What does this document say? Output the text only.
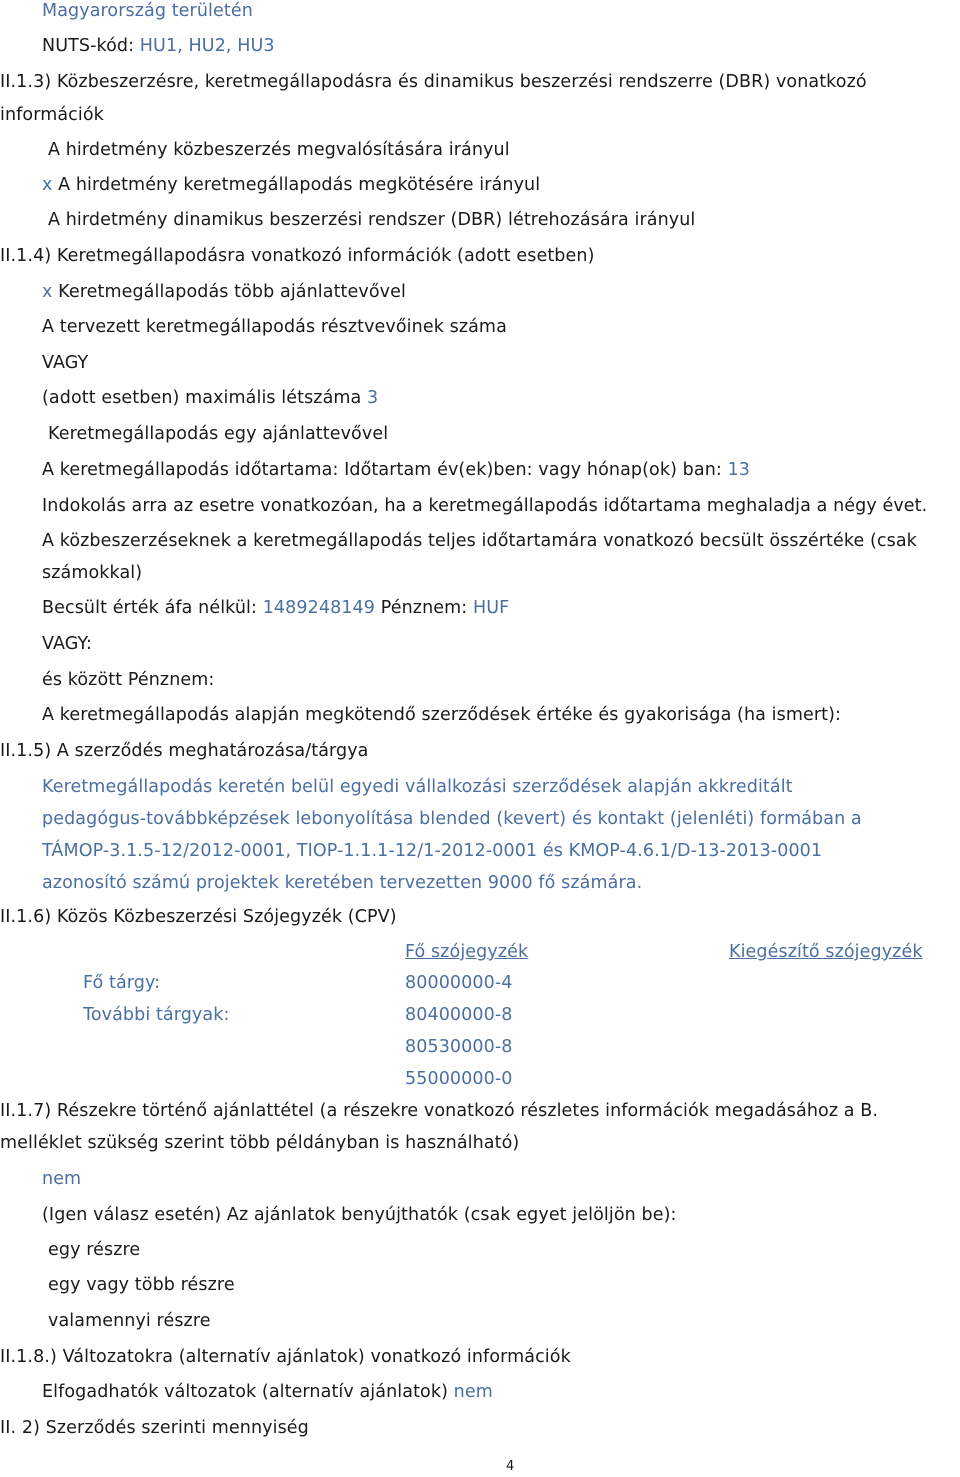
Magyarország területén
NUTS-kód: HU1, HU2, HU3
II.1.3) Közbeszerzésre, keretmegállapodásra és dinamikus beszerzési rendszerre (DBR) vonatkozó
információk
A hirdetmény közbeszerzés megvalósítására irányul
x A hirdetmény keretmegállapodás megkötésére irányul
A hirdetmény dinamikus beszerzési rendszer (DBR) létrehozására irányul
II.1.4) Keretmegállapodásra vonatkozó információk (adott esetben)
x Keretmegállapodás több ajánlattevővel
A tervezett keretmegállapodás résztvevőinek száma
VAGY
(adott esetben) maximális létszáma 3
Keretmegállapodás egy ajánlattevővel
A keretmegállapodás időtartama: Időtartam év(ek)ben: vagy hónap(ok) ban: 13
Indokolás arra az esetre vonatkozóan, ha a keretmegállapodás időtartama meghaladja a négy évet.
A közbeszerzéseknek a keretmegállapodás teljes időtartamára vonatkozó becsült összértéke (csak
számokkal)
Becsült érték áfa nélkül: 1489248149 Pénznem: HUF
VAGY:
és között Pénznem:
A keretmegállapodás alapján megkötendő szerződések értéke és gyakorisága (ha ismert):
II.1.5) A szerződés meghatározása/tárgya
Keretmegállapodás keretén belül egyedi vállalkozási szerződések alapján akkreditált
pedagógus-továbbképzések lebonyolítása blended (kevert) és kontakt (jelenléti) formában a
TÁMOP-3.1.5-12/2012-0001, TIOP-1.1.1-12/1-2012-0001 és KMOP-4.6.1/D-13-2013-0001
azonosító számú projektek keretében tervezetten 9000 fő számára.
II.1.6) Közös Közbeszerzési Szójegyzék (CPV)
Fő szójegyzék	Kiegészítő szójegyzék
Fő tárgy:	80000000-4
További tárgyak:	80400000-8
80530000-8
55000000-0
II.1.7) Részekre történő ajánlattétel (a részekre vonatkozó részletes információk megadásához a B.
melléklet szükség szerint több példányban is használható)
nem
(Igen válasz esetén) Az ajánlatok benyújthatók (csak egyet jelöljön be):
egy részre
egy vagy több részre
valamennyi részre
II.1.8.) Változatokra (alternatív ajánlatok) vonatkozó információk
Elfogadhatók változatok (alternatív ajánlatok) nem
II. 2) Szerződés szerinti mennyiség
4
